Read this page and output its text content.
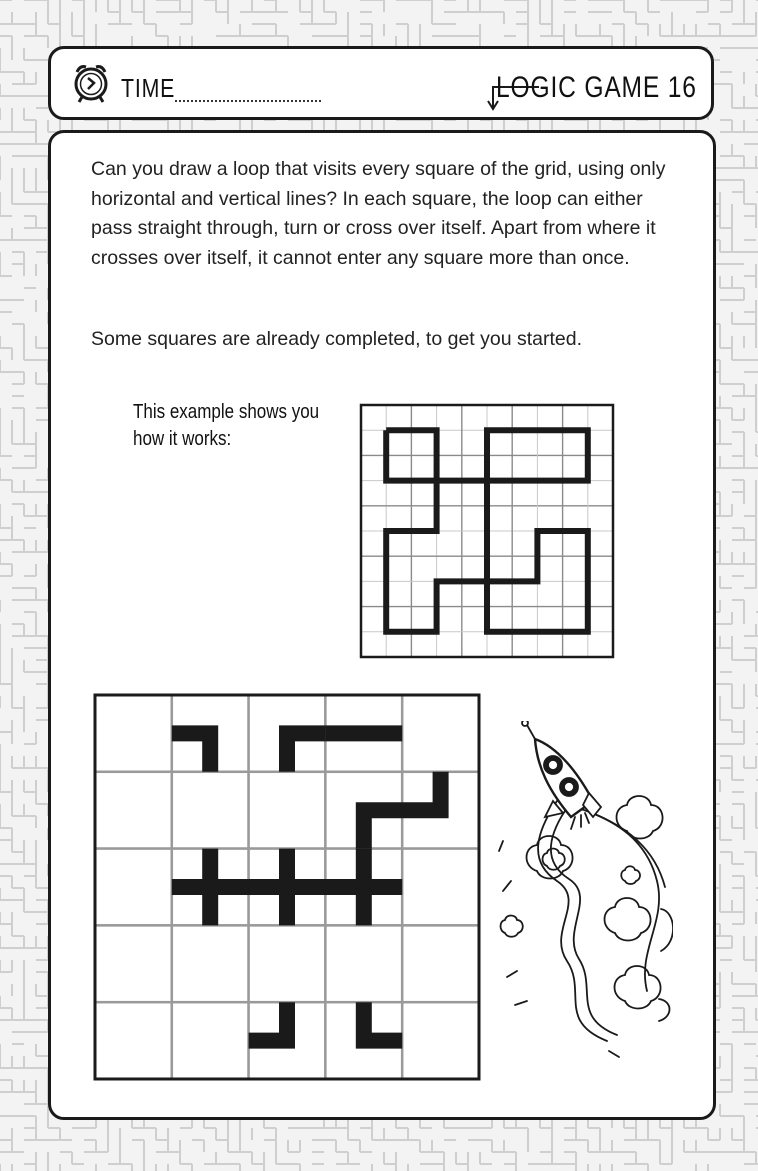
TIME	LOGIC GAME 16

Can you draw a loop that visits every square of the grid, using only horizontal and vertical lines? In each square, the loop can either pass straight through, turn or cross over itself. Apart from where it crosses over itself, it cannot enter any square more than once.

Some squares are already completed, to get you started.

This example shows you how it works:
